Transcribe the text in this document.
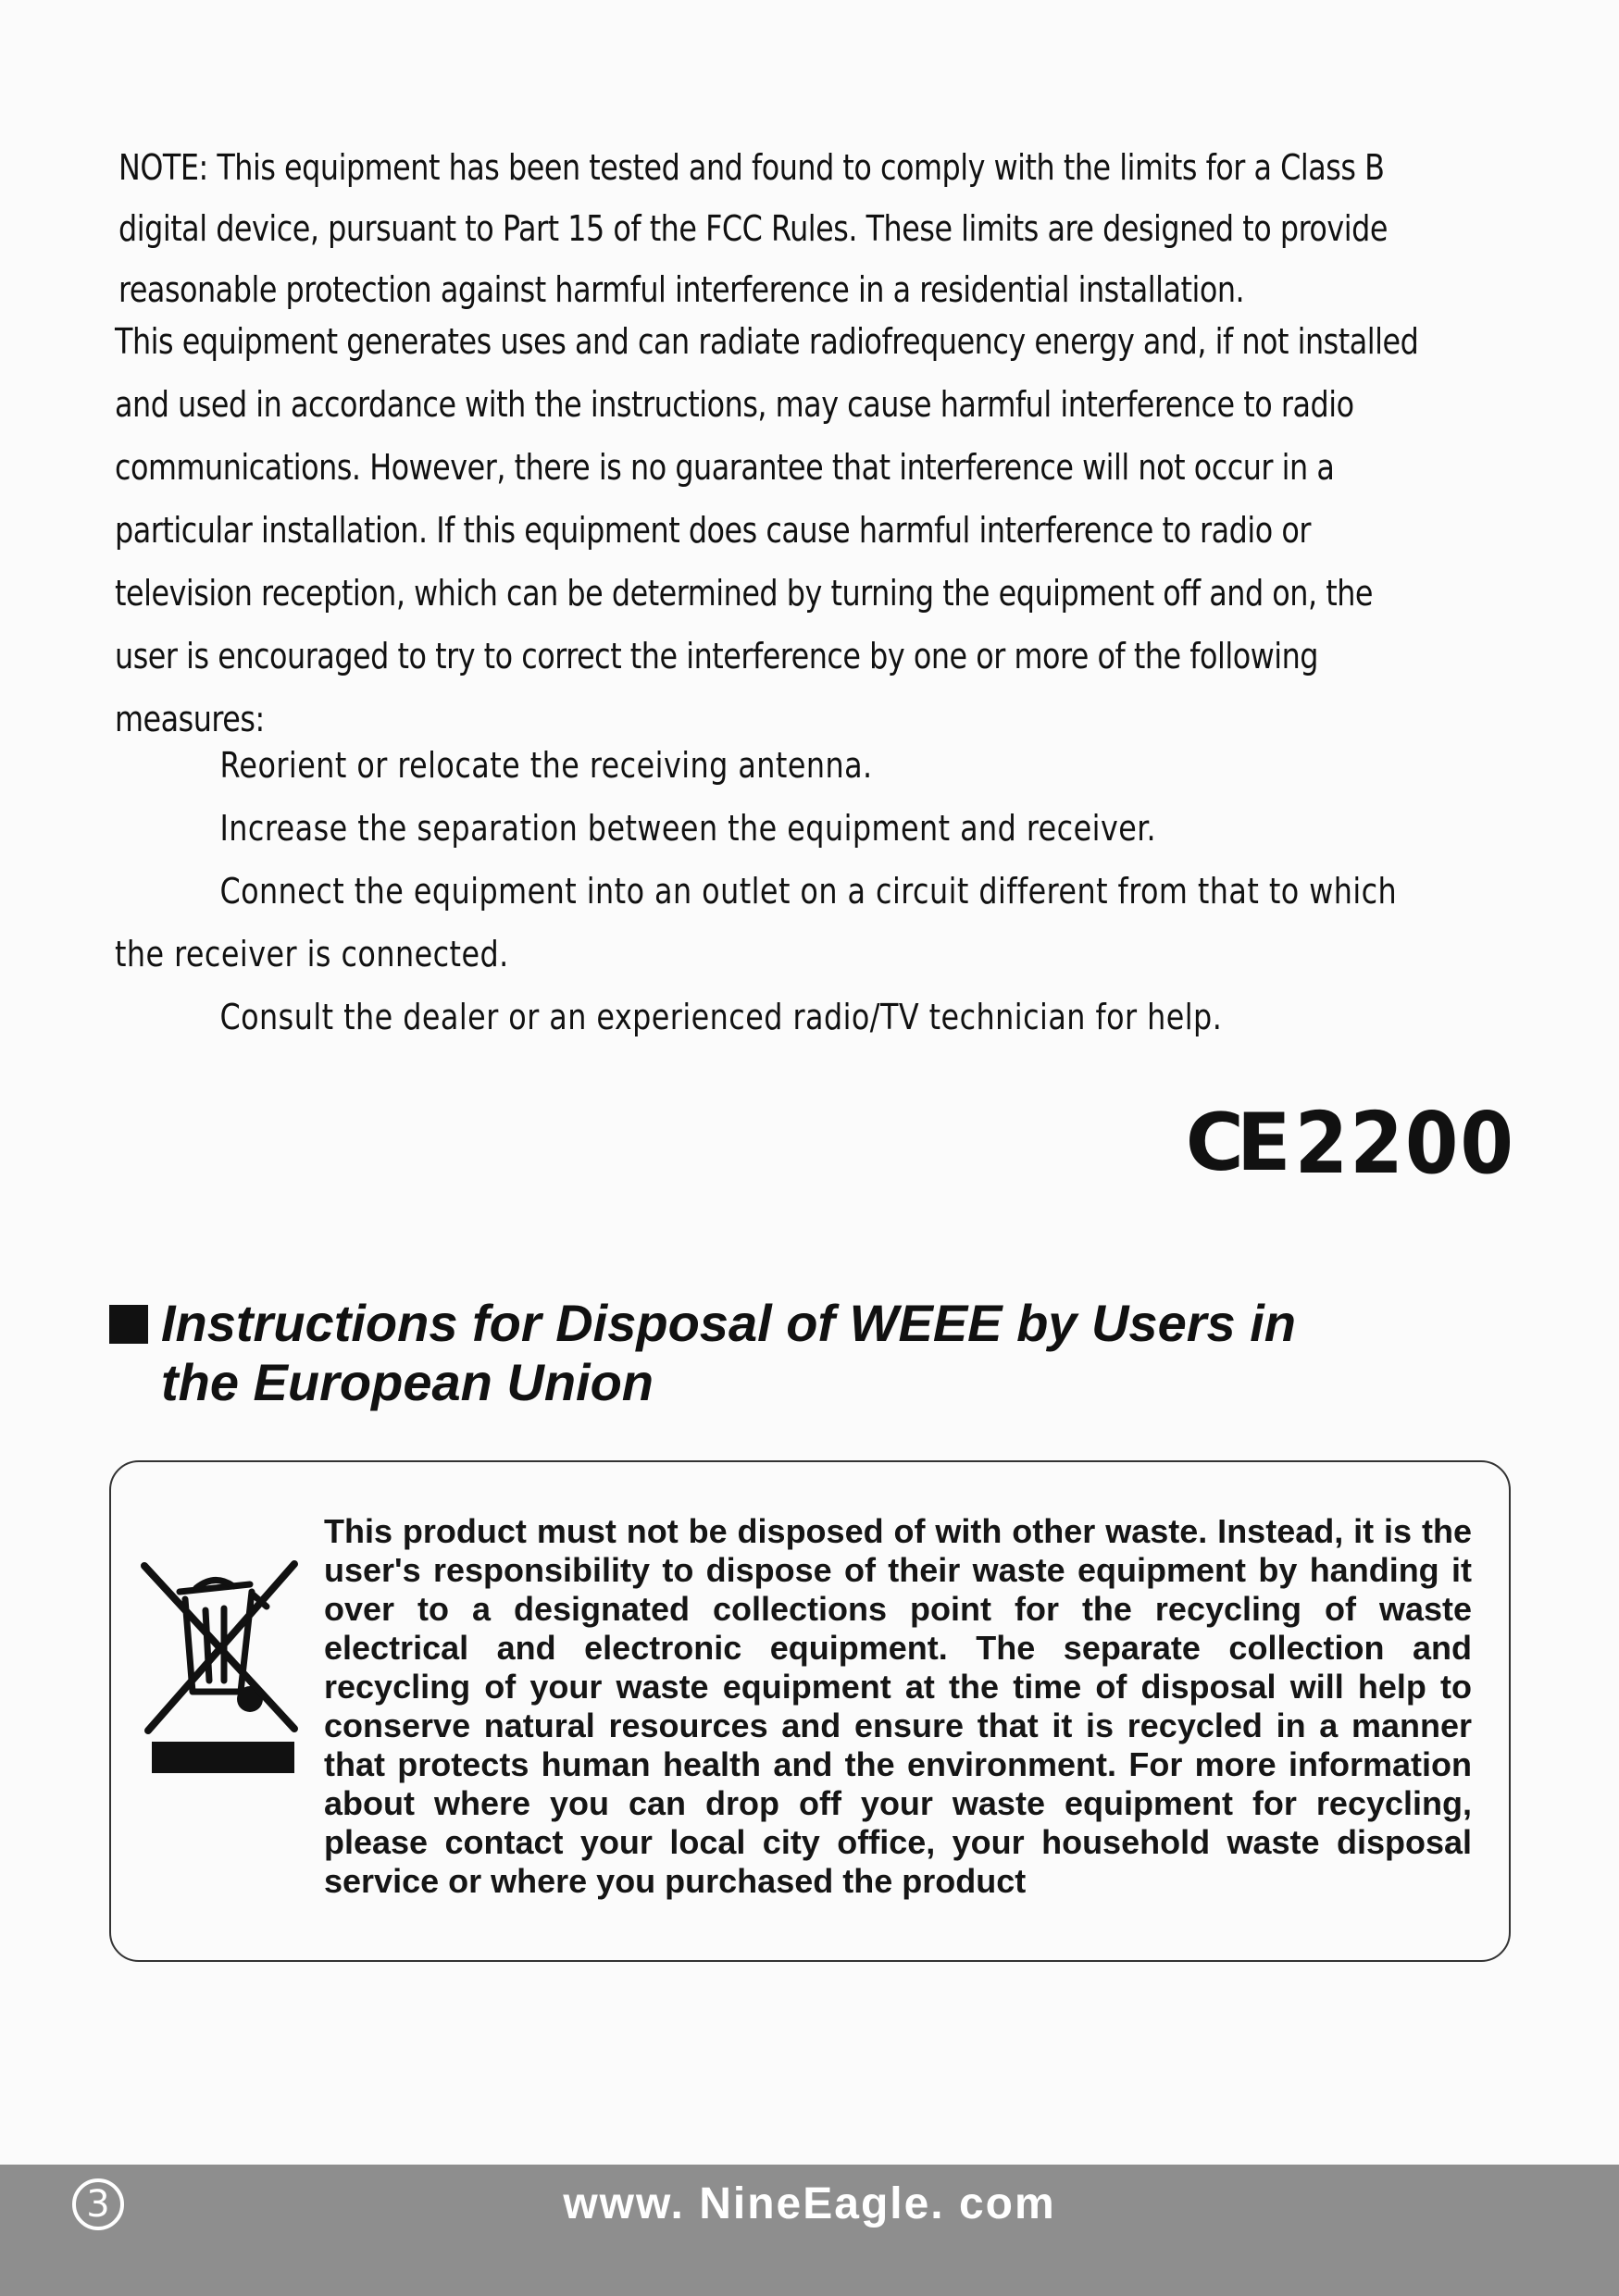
NOTE: This equipment has been tested and found to comply with the limits for a Class B digital device, pursuant to Part 15 of the FCC Rules. These limits are designed to provide reasonable protection against harmful interference in a residential installation.

This equipment generates uses and can radiate radiofrequency energy and, if not installed and used in accordance with the instructions, may cause harmful interference to radio communications. However, there is no guarantee that interference will not occur in a particular installation. If this equipment does cause harmful interference to radio or television reception, which can be determined by turning the equipment off and on, the user is encouraged to try to correct the interference by one or more of the following measures:

Reorient or relocate the receiving antenna.

Increase the separation between the equipment and receiver.

Connect the equipment into an outlet on a circuit different from that to which the receiver is connected.

Consult the dealer or an experienced radio/TV technician for help.

CE 2200
Instructions for Disposal of WEEE by Users in
the European Union

This product must not be disposed of with other waste. Instead, it is the user's responsibility to dispose of their waste equipment by handing it over to a designated collections point for the recycling of waste electrical and electronic equipment. The separate collection and recycling of your waste equipment at the time of disposal will help to conserve natural resources and ensure that it is recycled in a manner that protects human health and the environment. For more information about where you can drop off your waste equipment for recycling, please contact your local city office, your household waste disposal service or where you purchased the product

3	www. NineEagle. com
